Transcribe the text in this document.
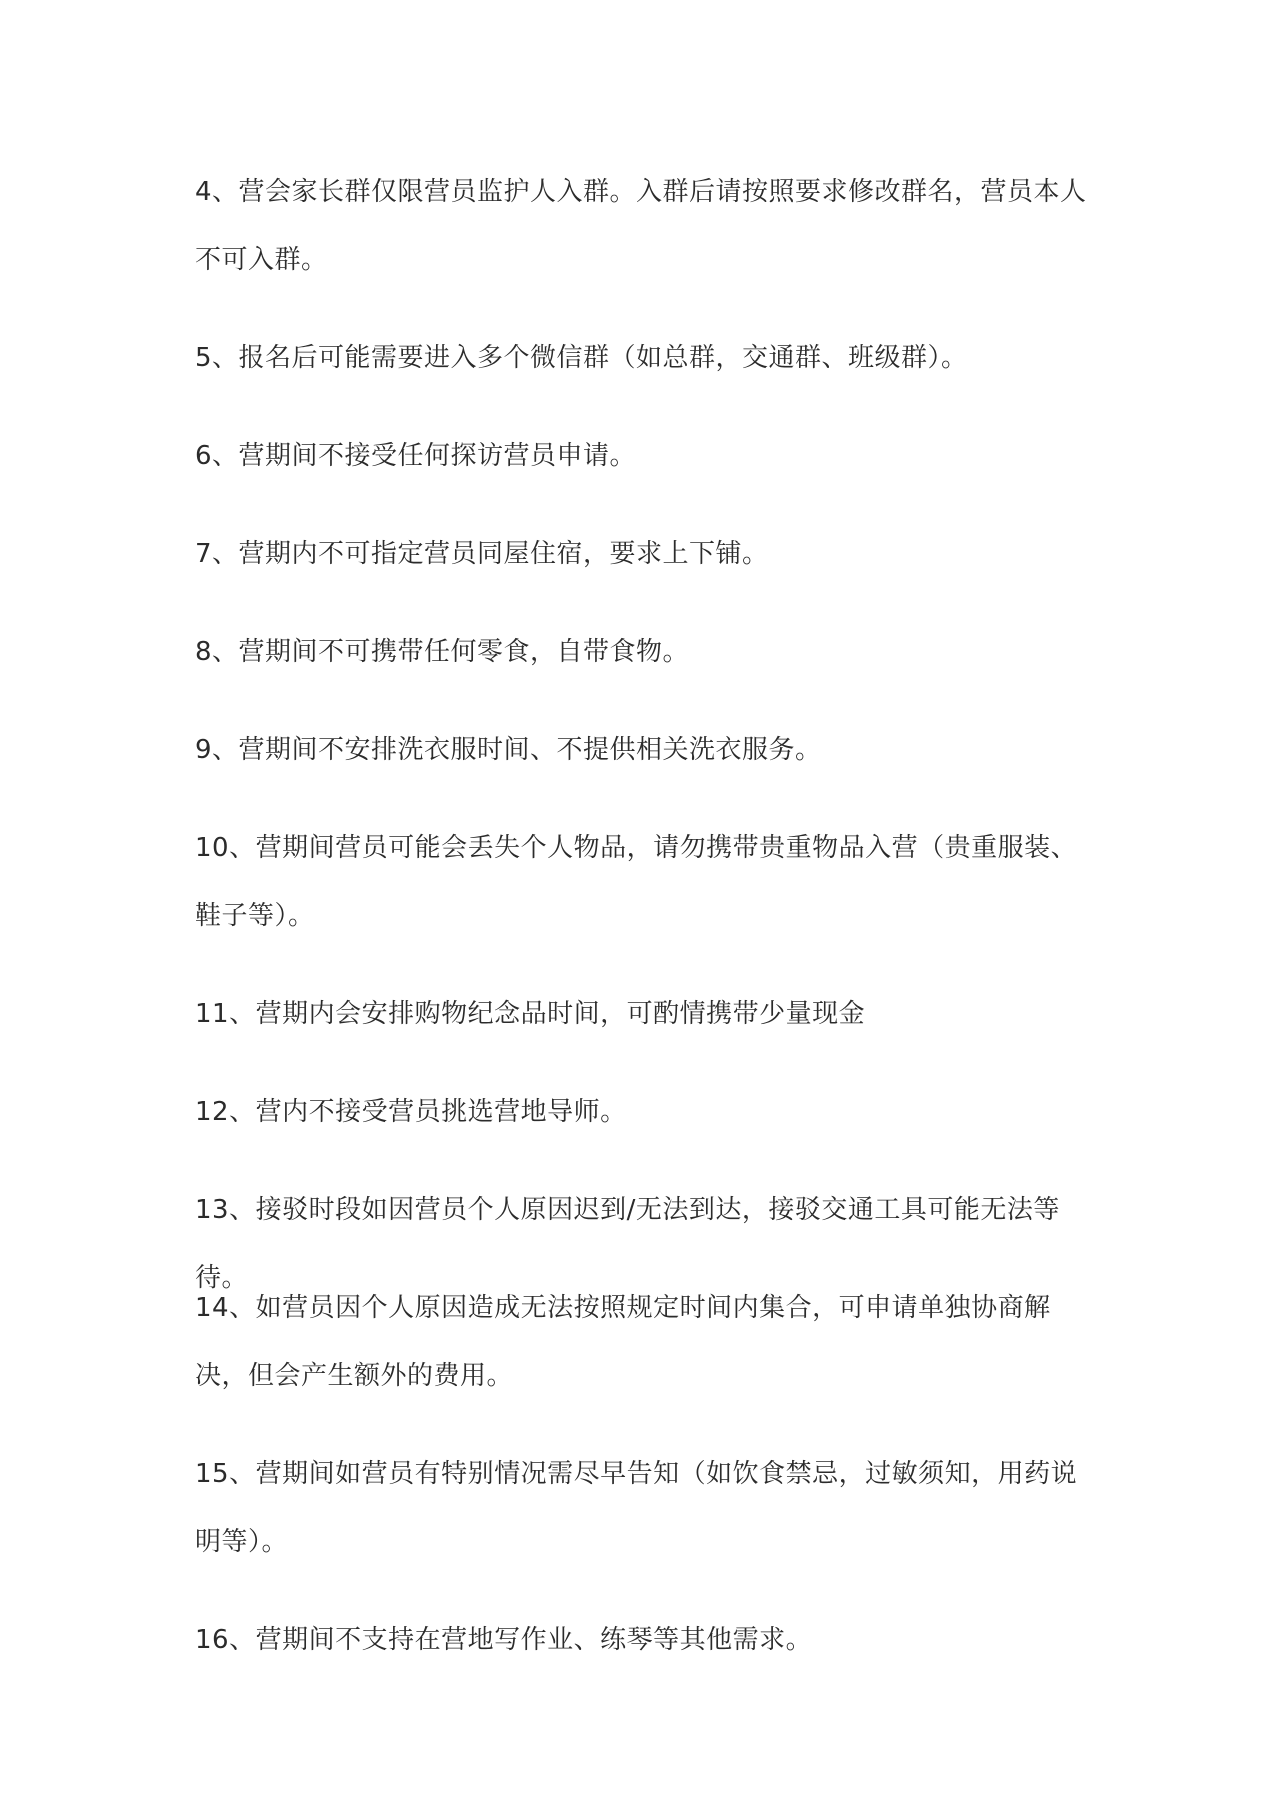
4、营会家长群仅限营员监护人入群。入群后请按照要求修改群名，营员本人不可入群。

5、报名后可能需要进入多个微信群（如总群，交通群、班级群）。

6、营期间不接受任何探访营员申请。

7、营期内不可指定营员同屋住宿，要求上下铺。

8、营期间不可携带任何零食，自带食物。

9、营期间不安排洗衣服时间、不提供相关洗衣服务。

10、营期间营员可能会丢失个人物品，请勿携带贵重物品入营（贵重服装、鞋子等）。

11、营期内会安排购物纪念品时间，可酌情携带少量现金

12、营内不接受营员挑选营地导师。

13、接驳时段如因营员个人原因迟到/无法到达，接驳交通工具可能无法等待。

14、如营员因个人原因造成无法按照规定时间内集合，可申请单独协商解决，但会产生额外的费用。

15、营期间如营员有特别情况需尽早告知（如饮食禁忌，过敏须知，用药说明等）。

16、营期间不支持在营地写作业、练琴等其他需求。
